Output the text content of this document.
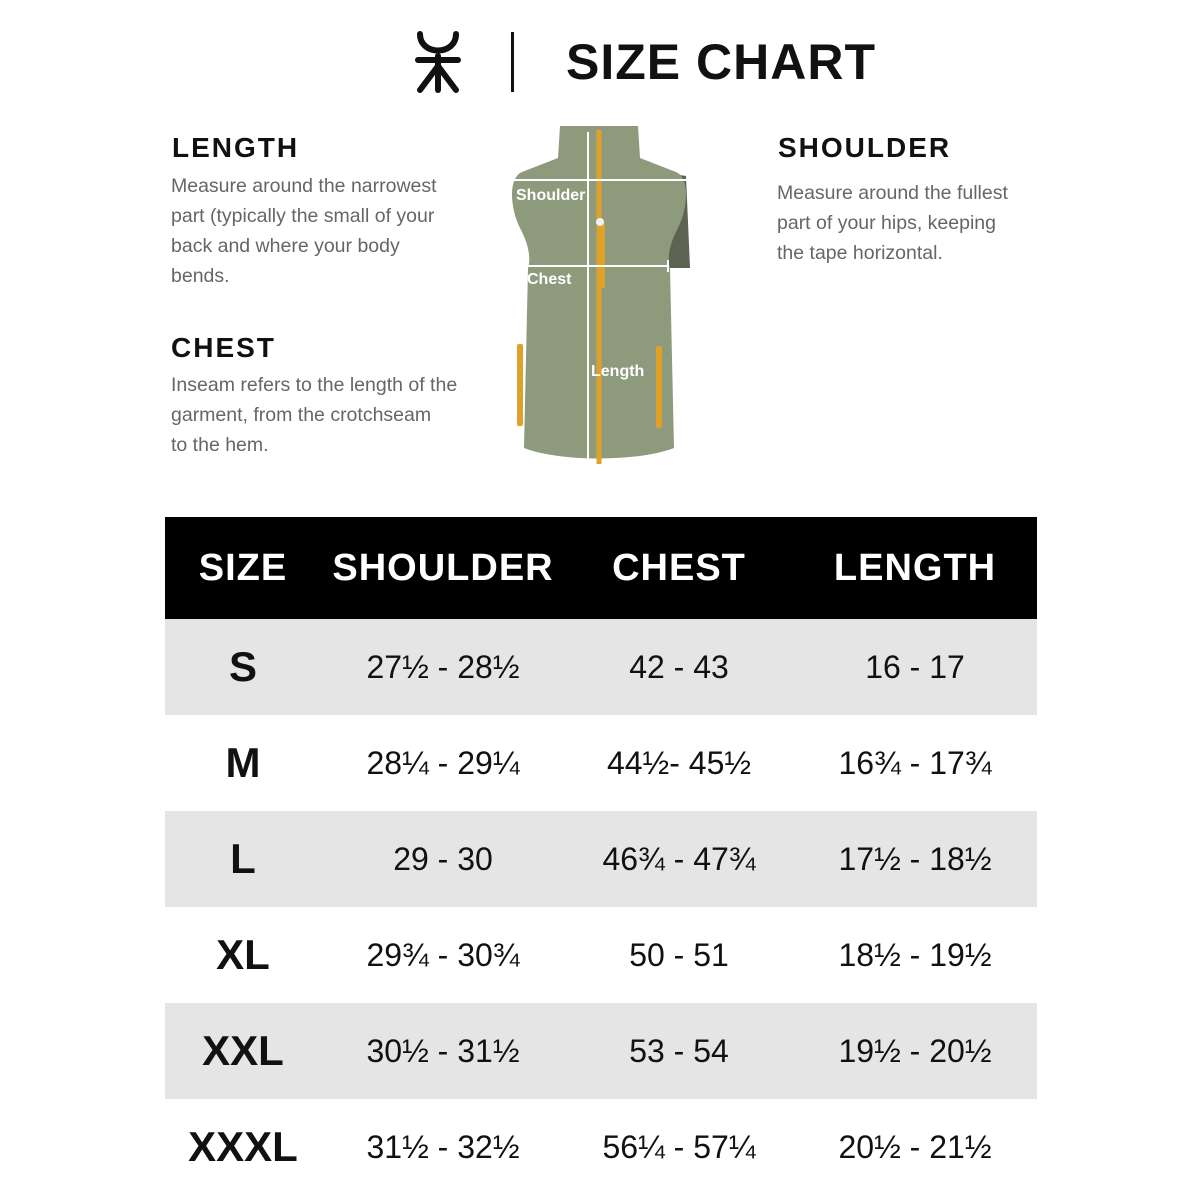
SIZE CHART
LENGTH
Measure around the narrowest
part (typically the small of your
back and where your body
bends.
CHEST
Inseam refers to the length of the
garment, from the crotchseam
to the hem.
SHOULDER
Measure around the fullest
part of your hips, keeping
the tape horizontal.
Shoulder
Chest
Length
SIZE	SHOULDER	CHEST	LENGTH
S	27½ - 28½	42 - 43	16 - 17
M	28¼ - 29¼	44½- 45½	16¾ - 17¾
L	29 - 30	46¾ - 47¾	17½ - 18½
XL	29¾ - 30¾	50 - 51	18½ - 19½
XXL	30½ - 31½	53 - 54	19½ - 20½
XXXL	31½ - 32½	56¼ - 57¼	20½ - 21½
